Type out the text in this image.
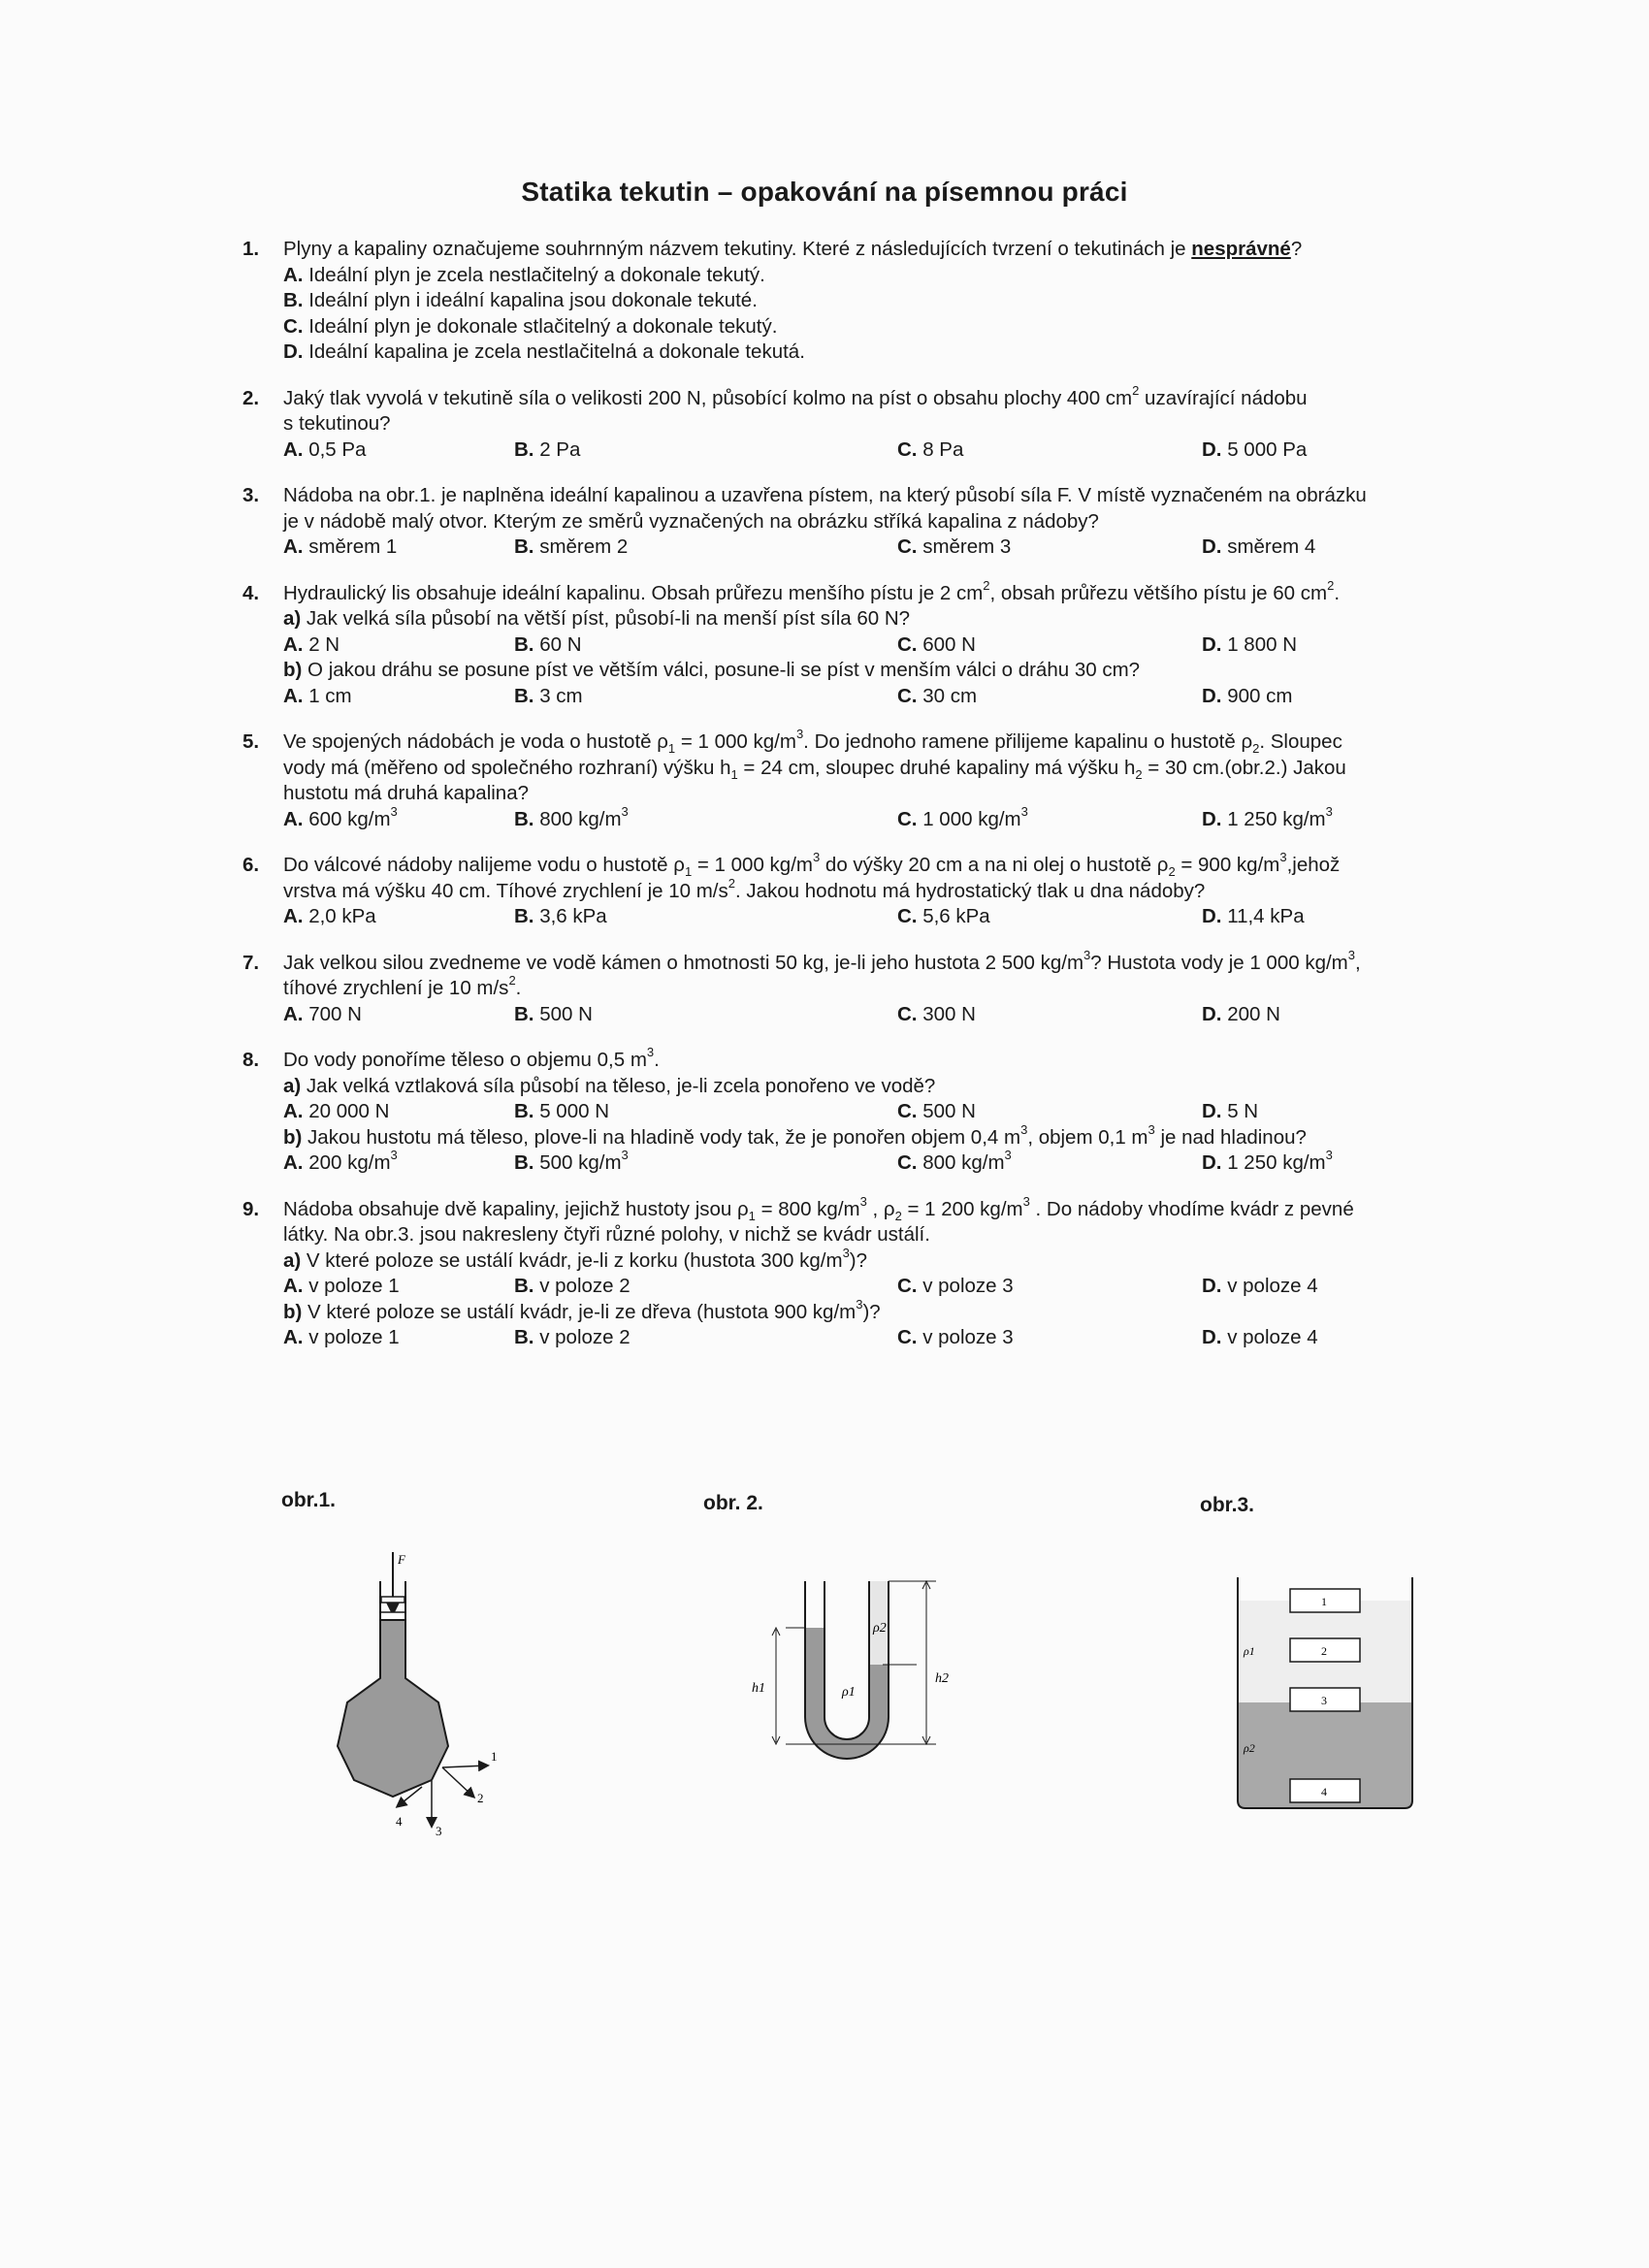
Statika tekutin – opakování na písemnou práci
1. Plyny a kapaliny označujeme souhrnným názvem tekutiny. Které z následujících tvrzení o tekutinách je nesprávné?
A. Ideální plyn je zcela nestlačitelný a dokonale tekutý.
B. Ideální plyn i ideální kapalina jsou dokonale tekuté.
C. Ideální plyn je dokonale stlačitelný a dokonale tekutý.
D. Ideální kapalina je zcela nestlačitelná a dokonale tekutá.
2. Jaký tlak vyvolá v tekutině síla o velikosti 200 N, působící kolmo na píst o obsahu plochy 400 $cm^2$ uzavírající nádobu
s tekutinou?
A. 0,5 Pa	B. 2 Pa	C. 8 Pa	D. 5 000 Pa
3. Nádoba na obr.1. je naplněna ideální kapalinou a uzavřena pístem, na který působí síla F. V místě vyznačeném na obrázku
je v nádobě malý otvor. Kterým ze směrů vyznačených na obrázku stříká kapalina z nádoby?
A. směrem 1	B. směrem 2	C. směrem 3	D. směrem 4
4. Hydraulický lis obsahuje ideální kapalinu. Obsah průřezu menšího pístu je 2 $cm^2$, obsah průřezu většího pístu je 60 $cm^2$.
a) Jak velká síla působí na větší píst, působí-li na menší píst síla 60 N?
A. 2 N	B. 60 N	C. 600 N	D. 1 800 N
b) O jakou dráhu se posune píst ve větším válci, posune-li se píst v menším válci o dráhu 30 cm?
A. 1 cm	B. 3 cm	C. 30 cm	D. 900 cm
5. Ve spojených nádobách je voda o hustotě $\rho_1 = 1$ 000 $kg/m^3$. Do jednoho ramene přilijeme kapalinu o hustotě $\rho_2$. Sloupec
vody má (měřeno od společného rozhraní) výšku $h_1 = 24$ cm, sloupec druhé kapaliny má výšku $h_2 = 30$ cm.(obr.2.) Jakou
hustotu má druhá kapalina?
A. 600 $kg/m^3$	B. 800 $kg/m^3$	C. 1 000 $kg/m^3$	D. 1 250 $kg/m^3$
6. Do válcové nádoby nalijeme vodu o hustotě $\rho_1 = 1$ 000 $kg/m^3$ do výšky 20 cm a na ni olej o hustotě $\rho_2 = 900$ $kg/m^3,jehož$
vrstva má výšku 40 cm. Tíhové zrychlení je 10 $m/s^2$. Jakou hodnotu má hydrostatický tlak u dna nádoby?
A. 2,0 kPa	B. 3,6 kPa	C. 5,6 kPa	D. 11,4 kPa
7. Jak velkou silou zvedneme ve vodě kámen o hmotnosti 50 kg, je-li jeho hustota 2 500 $kg/m^3$? Hustota vody je 1 000 $kg/m^3$,
tíhové zrychlení je 10 $m/s^2$.
A. 700 N	B. 500 N	C. 300 N	D. 200 N
8. Do vody ponoříme těleso o objemu 0,5 $m^3$.
a) Jak velká vztlaková síla působí na těleso, je-li zcela ponořeno ve vodě?
A. 20 000 N	B. 5 000 N	C. 500 N	D. 5 N
b) Jakou hustotu má těleso, plove-li na hladině vody tak, že je ponořen objem 0,4 $m^3$, objem 0,1 $m^3$ je nad hladinou?
A. 200 $kg/m^3$	B. 500 $kg/m^3$	C. 800 $kg/m^3$	D. 1 250 $kg/m^3$
9. Nádoba obsahuje dvě kapaliny, jejichž hustoty jsou $\rho_1 = 800$ $kg/m^3$ , $\rho_2 = 1$ 200 $kg/m^3$ . Do nádoby vhodíme kvádr z pevné
látky. Na obr.3. jsou nakresleny čtyři různé polohy, v nichž se kvádr ustálí.
a) V které poloze se ustálí kvádr, je-li z korku (hustota 300 $kg/m^3$)?
A. v poloze 1	B. v poloze 2	C. v poloze 3	D. v poloze 4
b) V které poloze se ustálí kvádr, je-li ze dřeva (hustota 900 $kg/m^3$)?
A. v poloze 1	B. v poloze 2	C. v poloze 3	D. v poloze 4
obr.1.	obr. 2.	obr.3.
F
1
2
3
4
h1
h2
ρ1
ρ2
1
2
3
4
ρ1
ρ2
